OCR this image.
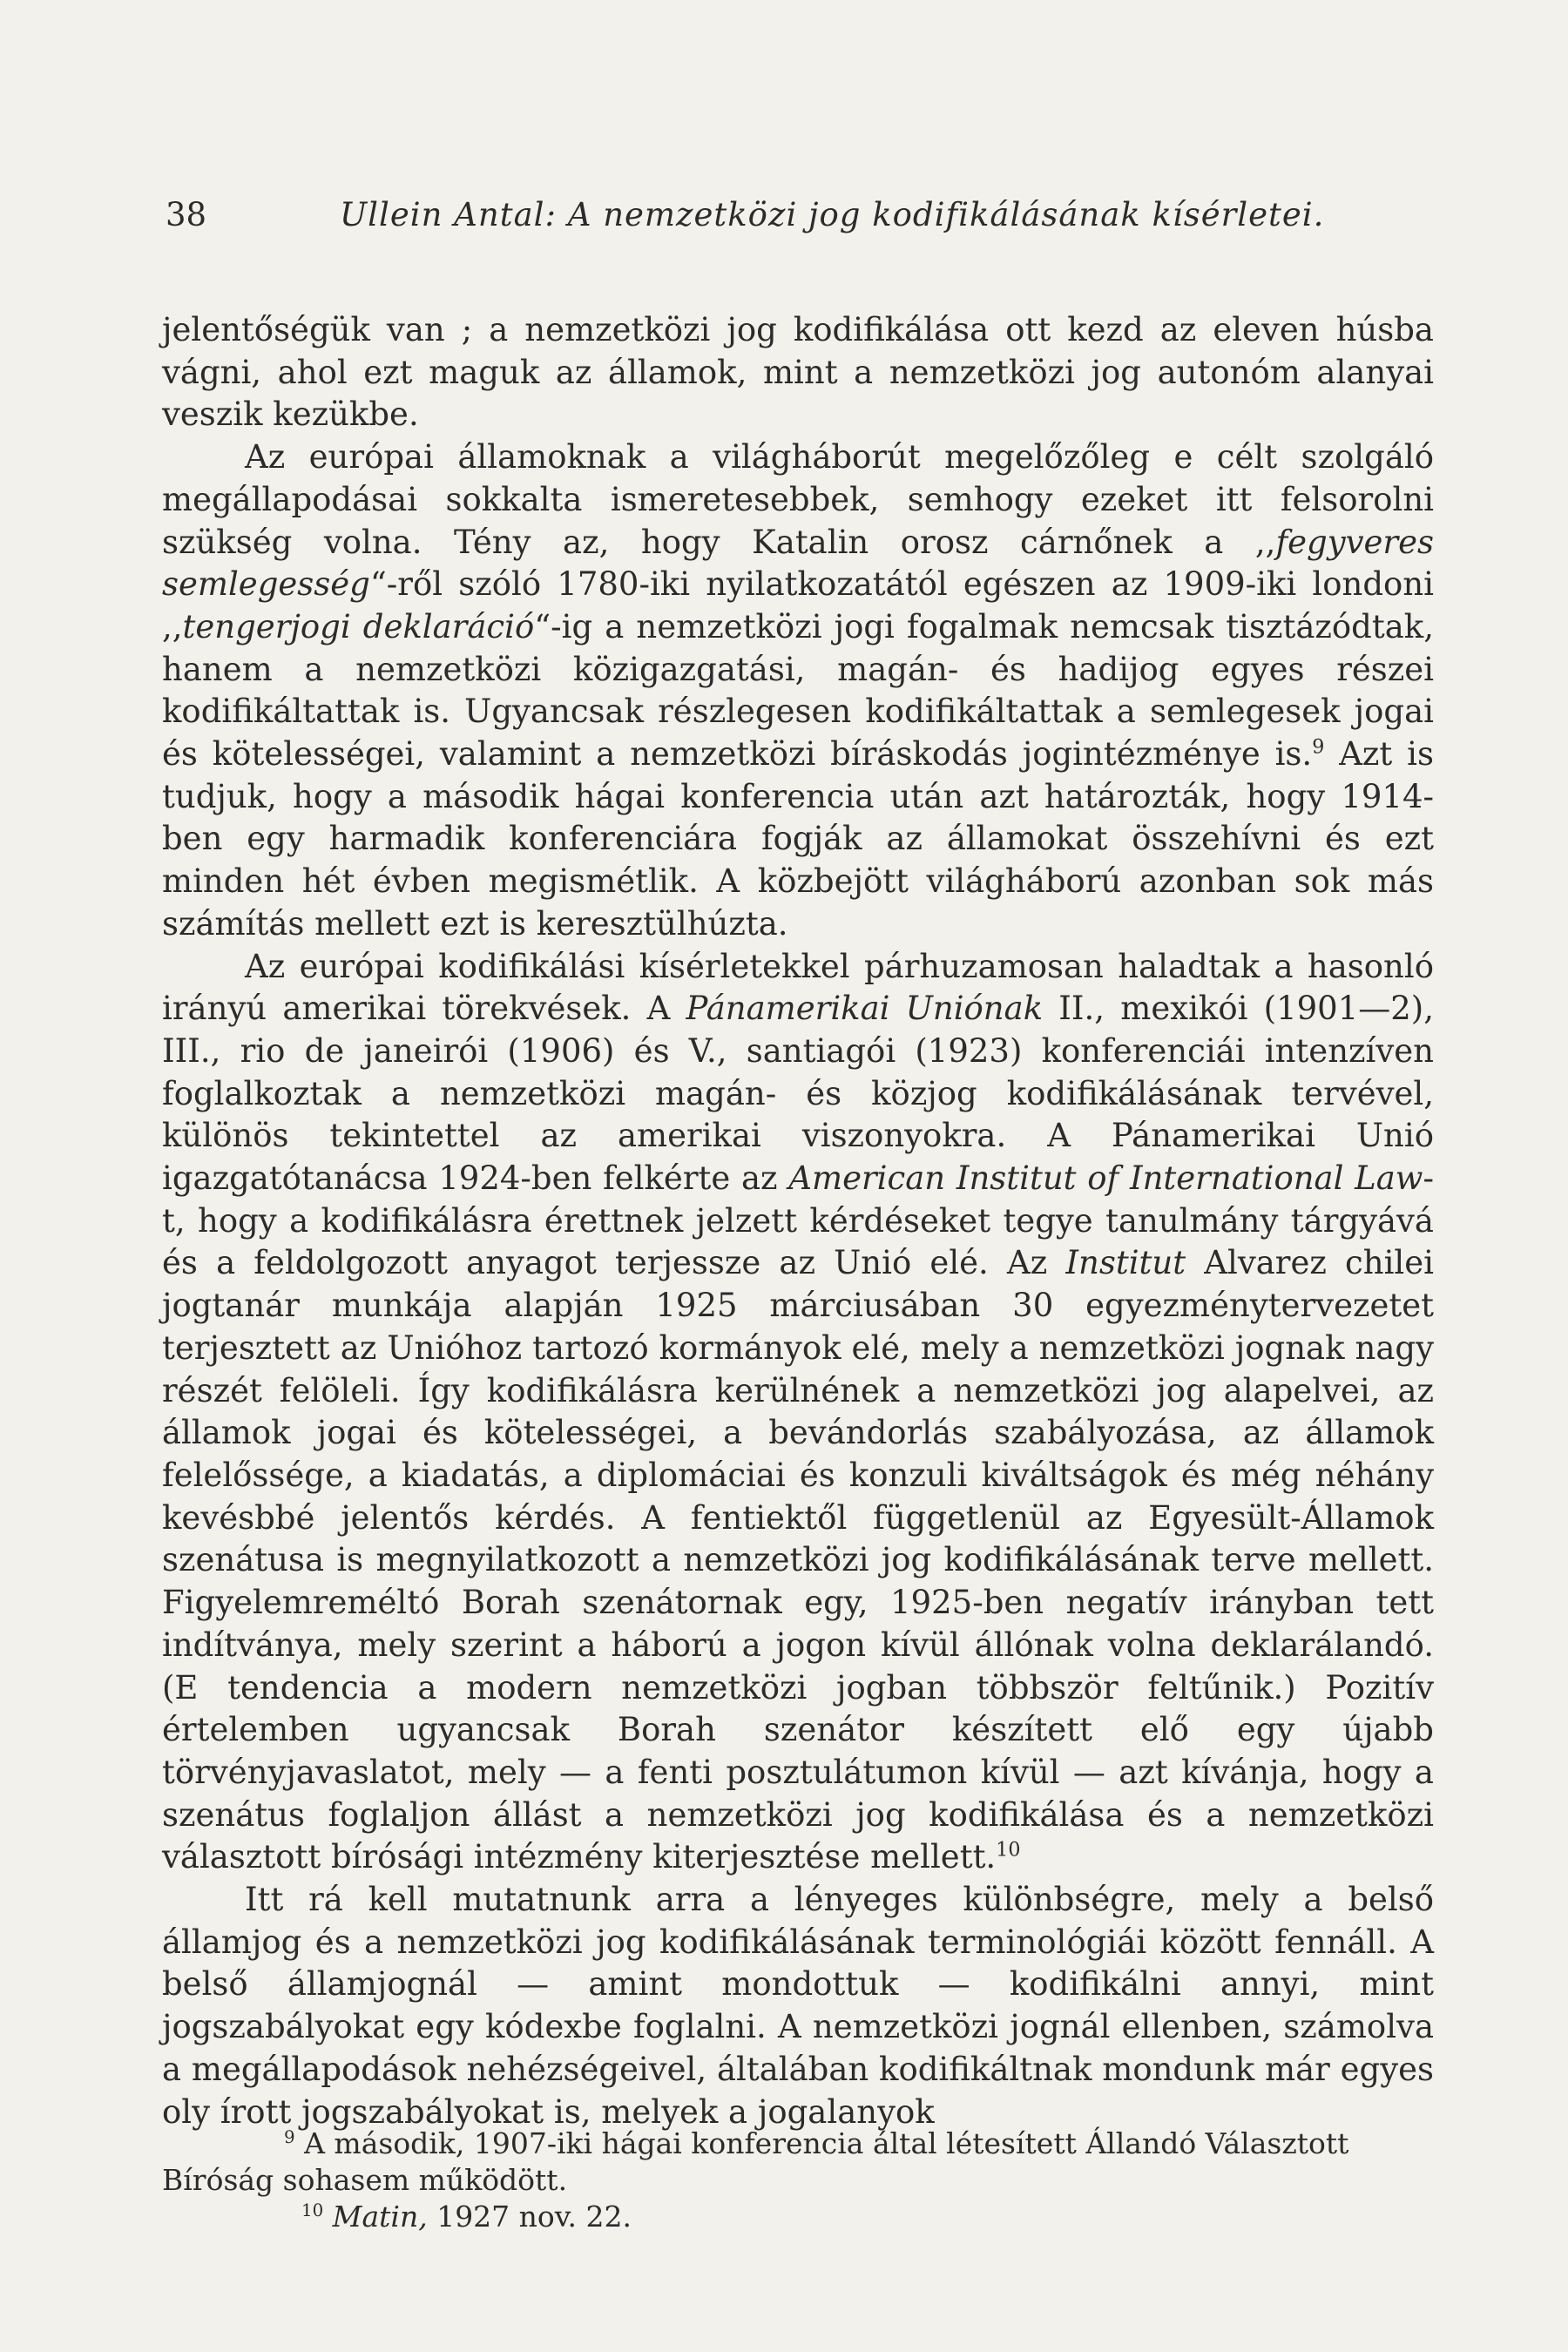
38	Ullein Antal: A nemzetközi jog kodifikálásának kísérletei.

jelentőségük van ; a nemzetközi jog kodifikálása ott kezd az eleven húsba vágni, ahol ezt maguk az államok, mint a nemzetközi jog autonóm alanyai veszik kezükbe.

Az európai államoknak a világháborút megelőzőleg e célt szolgáló megállapodásai sokkalta ismeretesebbek, semhogy ezeket itt felsorolni szükség volna. Tény az, hogy Katalin orosz cárnőnek a ,,fegyveres semlegesség“-ről szóló 1780-iki nyilatkozatától egészen az 1909-iki londoni ,,tengerjogi deklaráció“-ig a nemzetközi jogi fogalmak nemcsak tisztázódtak, hanem a nemzetközi közigazgatási, magán- és hadijog egyes részei kodifikáltattak is. Ugyancsak részlegesen kodifikáltattak a semlegesek jogai és kötelességei, valamint a nemzetközi bíráskodás jogintézménye is.$^9$ Azt is tudjuk, hogy a második hágai konferencia után azt határozták, hogy 1914-ben egy harmadik konferenciára fogják az államokat összehívni és ezt minden hét évben megismétlik. A közbejött világháború azonban sok más számítás mellett ezt is keresztülhúzta.

Az európai kodifikálási kísérletekkel párhuzamosan haladtak a hasonló irányú amerikai törekvések. A Pánamerikai Uniónak II., mexikói (1901—2), III., rio de janeirói (1906) és V., santiagói (1923) konferenciái intenzíven foglalkoztak a nemzetközi magán- és közjog kodifikálásának tervével, különös tekintettel az amerikai viszonyokra. A Pánamerikai Unió igazgatótanácsa 1924-ben felkérte az American Institut of International Law-t, hogy a kodifikálásra érettnek jelzett kérdéseket tegye tanulmány tárgyává és a feldolgozott anyagot terjessze az Unió elé. Az Institut Alvarez chilei jogtanár munkája alapján 1925 márciusában 30 egyezménytervezetet terjesztett az Unióhoz tartozó kormányok elé, mely a nemzetközi jognak nagy részét felöleli. Így kodifikálásra kerülnének a nemzetközi jog alapelvei, az államok jogai és kötelességei, a bevándorlás szabályozása, az államok felelőssége, a kiadatás, a diplomáciai és konzuli kiváltságok és még néhány kevésbbé jelentős kérdés. A fentiektől függetlenül az Egyesült-Államok szenátusa is megnyilatkozott a nemzetközi jog kodifikálásának terve mellett. Figyelemreméltó Borah szenátornak egy, 1925-ben negatív irányban tett indítványa, mely szerint a háború a jogon kívül állónak volna deklarálandó. (E tendencia a modern nemzetközi jogban többször feltűnik.) Pozitív értelemben ugyancsak Borah szenátor készített elő egy újabb törvényjavaslatot, mely — a fenti posztulátumon kívül — azt kívánja, hogy a szenátus foglaljon állást a nemzetközi jog kodifikálása és a nemzetközi választott bírósági intézmény kiterjesztése mellett.$^{10}$

Itt rá kell mutatnunk arra a lényeges különbségre, mely a belső államjog és a nemzetközi jog kodifikálásának terminológiái között fennáll. A belső államjognál — amint mondottuk — kodifikálni annyi, mint jogszabályokat egy kódexbe foglalni. A nemzetközi jognál ellenben, számolva a megállapodások nehézségeivel, általában kodifikáltnak mondunk már egyes oly írott jogszabályokat is, melyek a jogalanyok

$^9$ A második, 1907-iki hágai konferencia által létesített Állandó Választott Bíróság sohasem működött.

$^{10}$ Matin, 1927 nov. 22.
